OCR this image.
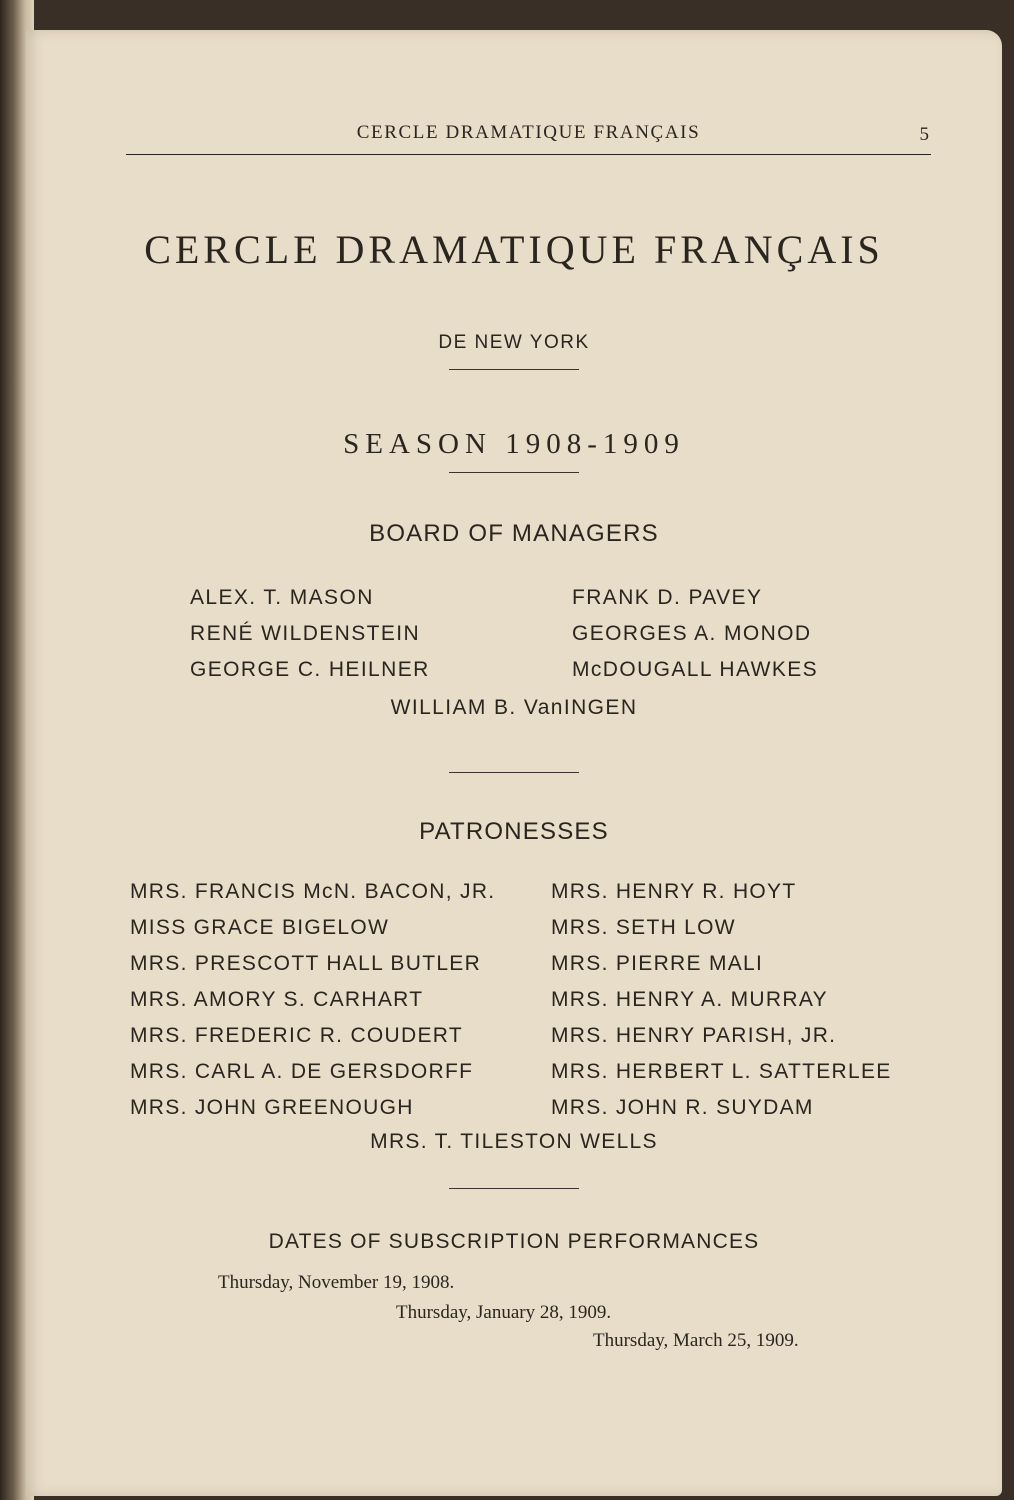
CERCLE DRAMATIQUE FRANÇAIS	5
CERCLE DRAMATIQUE FRANÇAIS
DE NEW YORK
SEASON 1908-1909
BOARD OF MANAGERS
ALEX. T. MASON
RENÉ WILDENSTEIN
GEORGE C. HEILNER
FRANK D. PAVEY
GEORGES A. MONOD
McDOUGALL HAWKES
WILLIAM B. VanINGEN
PATRONESSES
MRS. FRANCIS McN. BACON, JR.
MISS GRACE BIGELOW
MRS. PRESCOTT HALL BUTLER
MRS. AMORY S. CARHART
MRS. FREDERIC R. COUDERT
MRS. CARL A. DE GERSDORFF
MRS. JOHN GREENOUGH
MRS. HENRY R. HOYT
MRS. SETH LOW
MRS. PIERRE MALI
MRS. HENRY A. MURRAY
MRS. HENRY PARISH, JR.
MRS. HERBERT L. SATTERLEE
MRS. JOHN R. SUYDAM
MRS. T. TILESTON WELLS
DATES OF SUBSCRIPTION PERFORMANCES
Thursday, November 19, 1908.
Thursday, January 28, 1909.
Thursday, March 25, 1909.
